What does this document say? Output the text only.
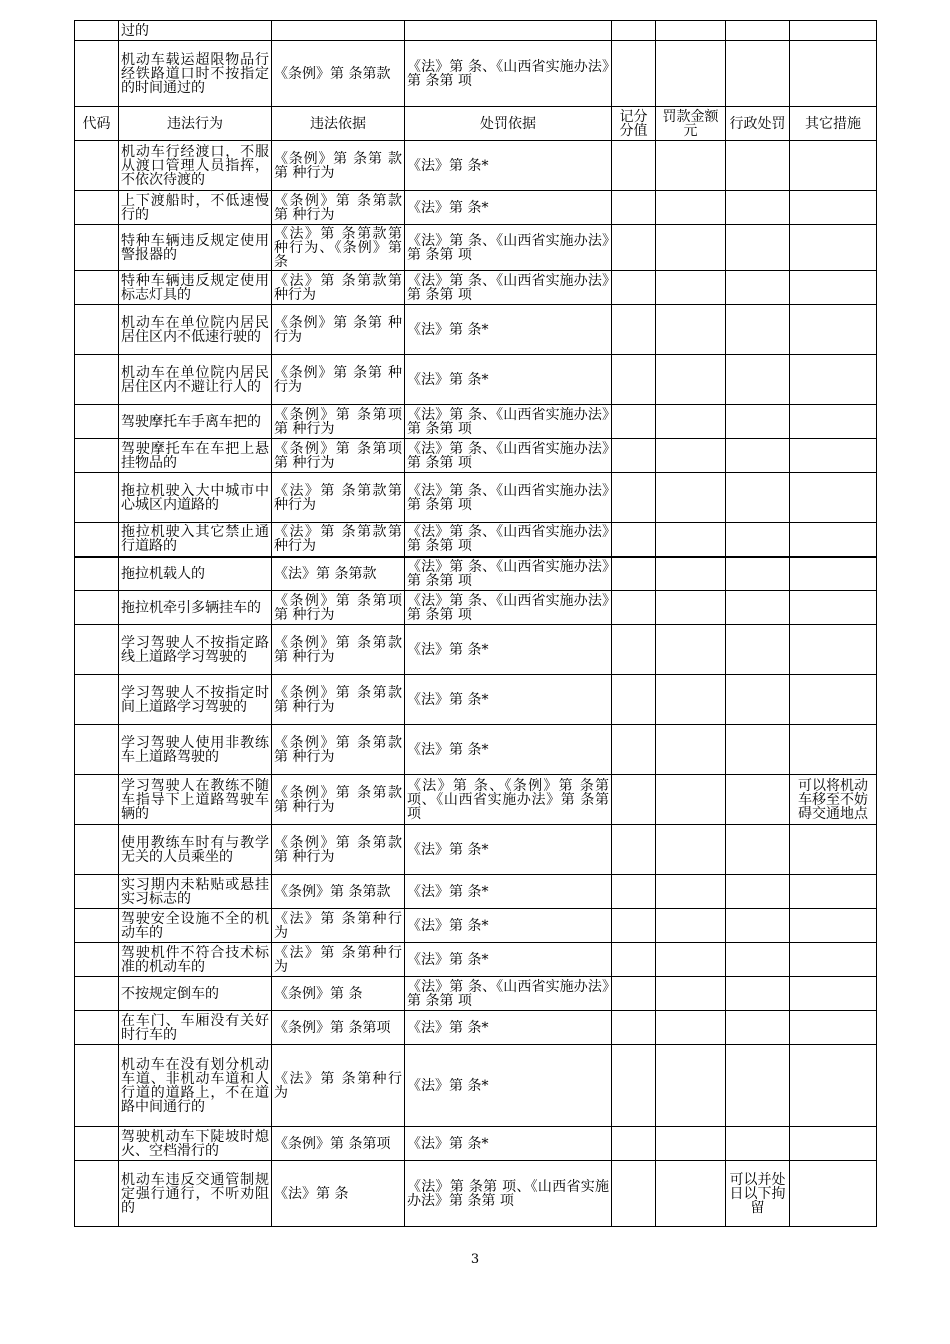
	过的						
	机动车载运超限物品行经铁路道口时不按指定的时间通过的	《条例》第 条第款	《法》第 条、《山西省实施办法》第 条第 项				
代码	违法行为	违法依据	处罚依据	记分分值	罚款金额元	行政处罚	其它措施
	机动车行经渡口，不服从渡口管理人员指挥，不依次待渡的	《条例》第 条第 款第 种行为	《法》第 条*				
	上下渡船时，不低速慢行的	《条例》第 条第款第 种行为	《法》第 条*				
	特种车辆违反规定使用警报器的	《法》第 条第款第 种行为、《条例》第 条	《法》第 条、《山西省实施办法》第 条第 项				
	特种车辆违反规定使用标志灯具的	《法》第 条第款第 种行为	《法》第 条、《山西省实施办法》第 条第 项				
	机动车在单位院内居民居住区内不低速行驶的	《条例》第 条第 种行为	《法》第 条*				
	机动车在单位院内居民居住区内不避让行人的	《条例》第 条第 种行为	《法》第 条*				
	驾驶摩托车手离车把的	《条例》第 条第项第 种行为	《法》第 条、《山西省实施办法》第 条第 项				
	驾驶摩托车在车把上悬挂物品的	《条例》第 条第项第 种行为	《法》第 条、《山西省实施办法》第 条第 项				
	拖拉机驶入大中城市中心城区内道路的	《法》第 条第款第 种行为	《法》第 条、《山西省实施办法》第 条第 项				
	拖拉机驶入其它禁止通行道路的	《法》第 条第款第 种行为	《法》第 条、《山西省实施办法》第 条第 项				
	拖拉机载人的	《法》第 条第款	《法》第 条、《山西省实施办法》第 条第 项				
	拖拉机牵引多辆挂车的	《条例》第 条第项第 种行为	《法》第 条、《山西省实施办法》第 条第 项				
	学习驾驶人不按指定路线上道路学习驾驶的	《条例》第 条第款第 种行为	《法》第 条*				
	学习驾驶人不按指定时间上道路学习驾驶的	《条例》第 条第款第 种行为	《法》第 条*				
	学习驾驶人使用非教练车上道路驾驶的	《条例》第 条第款第 种行为	《法》第 条*				
	学习驾驶人在教练不随车指导下上道路驾驶车辆的	《条例》第 条第款第 种行为	《法》第 条、《条例》第 条第 项、《山西省实施办法》第 条第 项				可以将机动车移至不妨碍交通地点
	使用教练车时有与教学无关的人员乘坐的	《条例》第 条第款第 种行为	《法》第 条*				
	实习期内未粘贴或悬挂实习标志的	《条例》第 条第款	《法》第 条*				
	驾驶安全设施不全的机动车的	《法》第 条第种行为	《法》第 条*				
	驾驶机件不符合技术标准的机动车的	《法》第 条第种行为	《法》第 条*				
	不按规定倒车的	《条例》第 条	《法》第 条、《山西省实施办法》第 条第 项				
	在车门、车厢没有关好时行车的	《条例》第 条第项	《法》第 条*				
	机动车在没有划分机动车道、非机动车道和人行道的道路上，不在道路中间通行的	《法》第 条第种行为	《法》第 条*				
	驾驶机动车下陡坡时熄火、空档滑行的	《条例》第 条第项	《法》第 条*				
	机动车违反交通管制规定强行通行，不听劝阻的	《法》第 条	《法》第 条第 项、《山西省实施办法》第 条第 项			可以并处 日以下拘留	
3
